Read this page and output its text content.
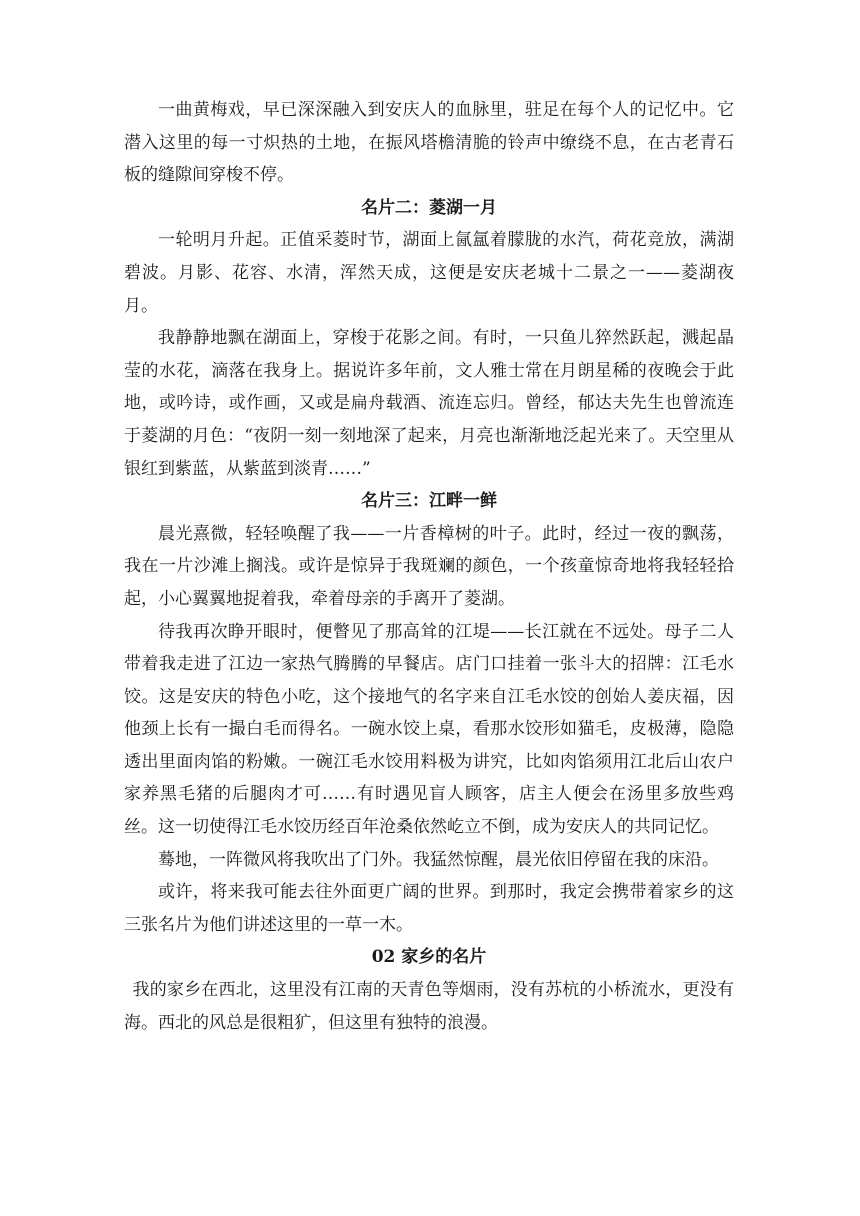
一曲黄梅戏，早已深深融入到安庆人的血脉里，驻足在每个人的记忆中。它潜入这里的每一寸炽热的土地，在振风塔檐清脆的铃声中缭绕不息，在古老青石板的缝隙间穿梭不停。

名片二：菱湖一月

一轮明月升起。正值采菱时节，湖面上氤氲着朦胧的水汽，荷花竞放，满湖碧波。月影、花容、水清，浑然天成，这便是安庆老城十二景之一——菱湖夜月。

我静静地飘在湖面上，穿梭于花影之间。有时，一只鱼儿猝然跃起，溅起晶莹的水花，滴落在我身上。据说许多年前，文人雅士常在月朗星稀的夜晚会于此地，或吟诗，或作画，又或是扁舟载酒、流连忘归。曾经，郁达夫先生也曾流连于菱湖的月色：“夜阴一刻一刻地深了起来，月亮也渐渐地泛起光来了。天空里从银红到紫蓝，从紫蓝到淡青……”

名片三：江畔一鲜

晨光熹微，轻轻唤醒了我——一片香樟树的叶子。此时，经过一夜的飘荡，我在一片沙滩上搁浅。或许是惊异于我斑斓的颜色，一个孩童惊奇地将我轻轻拾起，小心翼翼地捉着我，牵着母亲的手离开了菱湖。

待我再次睁开眼时，便瞥见了那高耸的江堤——长江就在不远处。母子二人带着我走进了江边一家热气腾腾的早餐店。店门口挂着一张斗大的招牌：江毛水饺。这是安庆的特色小吃，这个接地气的名字来自江毛水饺的创始人姜庆福，因他颈上长有一撮白毛而得名。一碗水饺上桌，看那水饺形如猫毛，皮极薄，隐隐透出里面肉馅的粉嫩。一碗江毛水饺用料极为讲究，比如肉馅须用江北后山农户家养黑毛猪的后腿肉才可……有时遇见盲人顾客，店主人便会在汤里多放些鸡丝。这一切使得江毛水饺历经百年沧桑依然屹立不倒，成为安庆人的共同记忆。

蓦地，一阵微风将我吹出了门外。我猛然惊醒，晨光依旧停留在我的床沿。

或许，将来我可能去往外面更广阔的世界。到那时，我定会携带着家乡的这三张名片为他们讲述这里的一草一木。

02 家乡的名片

我的家乡在西北，这里没有江南的天青色等烟雨，没有苏杭的小桥流水，更没有海。西北的风总是很粗犷，但这里有独特的浪漫。
